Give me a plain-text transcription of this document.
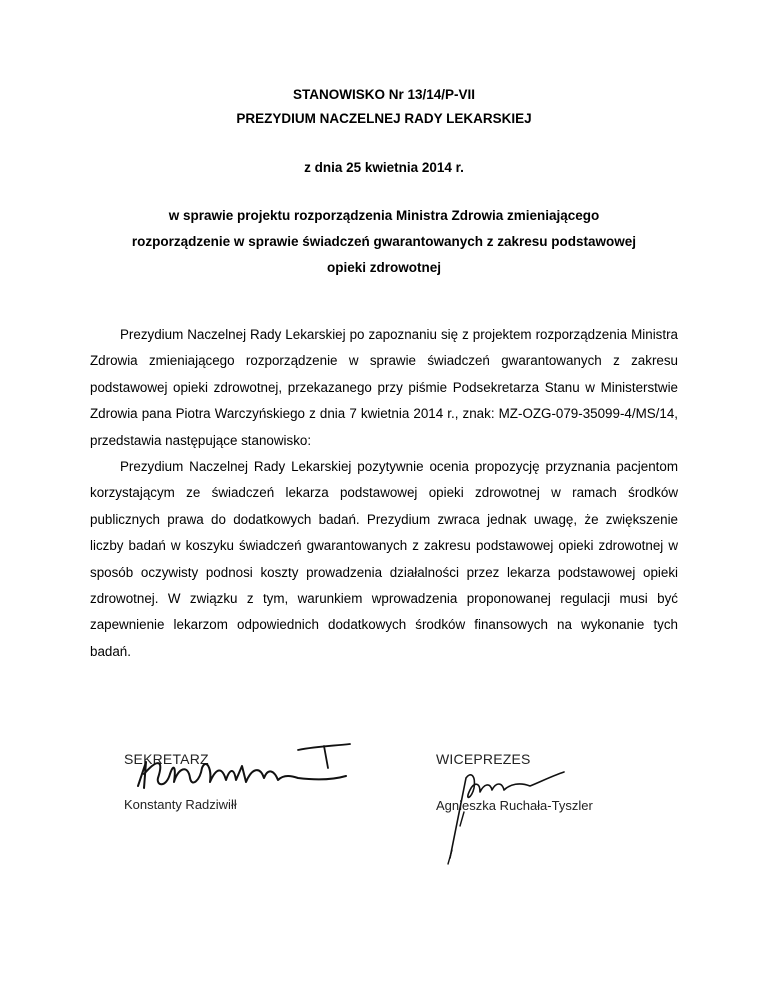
STANOWISKO Nr 13/14/P-VII
PREZYDIUM NACZELNEJ RADY LEKARSKIEJ
z dnia 25 kwietnia 2014 r.
w sprawie projektu rozporządzenia Ministra Zdrowia zmieniającego
rozporządzenie w sprawie świadczeń gwarantowanych z zakresu podstawowej
opieki zdrowotnej

Prezydium Naczelnej Rady Lekarskiej po zapoznaniu się z projektem rozporządzenia Ministra Zdrowia zmieniającego rozporządzenie w sprawie świadczeń gwarantowanych z zakresu podstawowej opieki zdrowotnej, przekazanego przy piśmie Podsekretarza Stanu w Ministerstwie Zdrowia pana Piotra Warczyńskiego z dnia 7 kwietnia 2014 r., znak: MZ-OZG-079-35099-4/MS/14, przedstawia następujące stanowisko:

Prezydium Naczelnej Rady Lekarskiej pozytywnie ocenia propozycję przyznania pacjentom korzystającym ze świadczeń lekarza podstawowej opieki zdrowotnej w ramach środków publicznych prawa do dodatkowych badań. Prezydium zwraca jednak uwagę, że zwiększenie liczby badań w koszyku świadczeń gwarantowanych z zakresu podstawowej opieki zdrowotnej w sposób oczywisty podnosi koszty prowadzenia działalności przez lekarza podstawowej opieki zdrowotnej. W związku z tym, warunkiem wprowadzenia proponowanej regulacji musi być zapewnienie lekarzom odpowiednich dodatkowych środków finansowych na wykonanie tych badań.

SEKRETARZ
Konstanty Radziwiłł
WICEPREZES
Agnieszka Ruchała-Tyszler
